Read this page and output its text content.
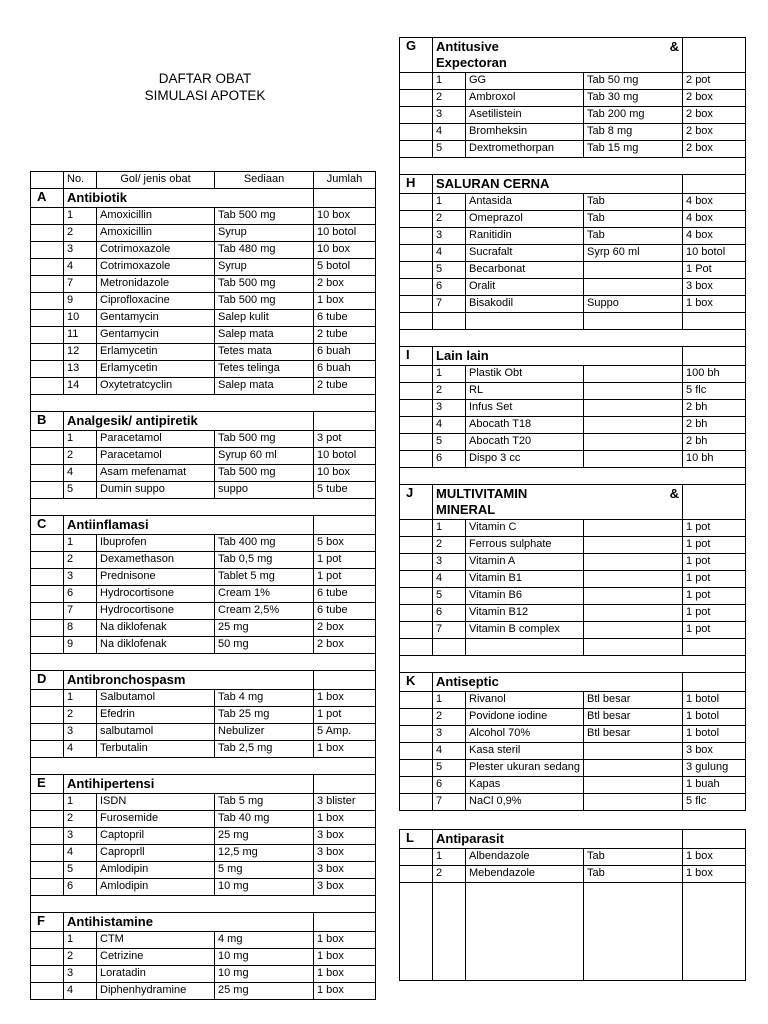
DAFTAR OBAT
SIMULASI APOTEK
	No.	Gol/ jenis obat	Sediaan	Jumlah
A	Antibiotik			
	1	Amoxicillin	Tab 500 mg	10 box
	2	Amoxicillin	Syrup	10 botol
	3	Cotrimoxazole	Tab 480 mg	10 box
	4	Cotrimoxazole	Syrup	5 botol
	7	Metronidazole	Tab 500 mg	2 box
	9	Ciprofloxacine	Tab 500 mg	1 box
	10	Gentamycin	Salep kulit	6 tube
	11	Gentamycin	Salep mata	2 tube
	12	Erlamycetin	Tetes mata	6 buah
	13	Erlamycetin	Tetes telinga	6 buah
	14	Oxytetratcyclin	Salep mata	2 tube

B	Analgesik/ antipiretik			
	1	Paracetamol	Tab 500 mg	3 pot
	2	Paracetamol	Syrup 60 ml	10 botol
	4	Asam mefenamat	Tab 500 mg	10 box
	5	Dumin suppo	suppo	5 tube

C	Antiinflamasi			
	1	Ibuprofen	Tab 400 mg	5 box
	2	Dexamethason	Tab 0,5 mg	1 pot
	3	Prednisone	Tablet 5 mg	1 pot
	6	Hydrocortisone	Cream 1%	6 tube
	7	Hydrocortisone	Cream 2,5%	6 tube
	8	Na diklofenak	25 mg	2 box
	9	Na diklofenak	50 mg	2 box

D	Antibronchospasm			
	1	Salbutamol	Tab 4 mg	1 box
	2	Efedrin	Tab 25 mg	1 pot
	3	salbutamol	Nebulizer	5 Amp.
	4	Terbutalin	Tab 2,5 mg	1 box

E	Antihipertensi			
	1	ISDN	Tab 5 mg	3 blister
	2	Furosemide	Tab 40 mg	1 box
	3	Captopril	25 mg	3 box
	4	Caproprll	12,5 mg	3 box
	5	Amlodipin	5 mg	3 box
	6	Amlodipin	10 mg	3 box

F	Antihistamine			
	1	CTM	4 mg	1 box
	2	Cetrizine	10 mg	1 box
	3	Loratadin	10 mg	1 box
	4	Diphenhydramine	25 mg	1 box
G	Antitusive &
Expectoran			

	1	GG	Tab 50 mg	2 pot
	2	Ambroxol	Tab 30 mg	2 box
	3	Asetilistein	Tab 200 mg	2 box
	4	Bromheksin	Tab 8 mg	2 box
	5	Dextromethorpan	Tab 15 mg	2 box

H	SALURAN CERNA			
	1	Antasida	Tab	4 box
	2	Omeprazol	Tab	4 box
	3	Ranitidin	Tab	4 box
	4	Sucrafalt	Syrp 60 ml	10 botol
	5	Becarbonat		1 Pot
	6	Oralit		3 box
	7	Bisakodil	Suppo	1 box

I	Lain lain			
	1	Plastik Obt		100 bh
	2	RL		5 flc
	3	Infus Set		2 bh
	4	Abocath T18		2 bh
	5	Abocath T20		2 bh
	6	Dispo 3 cc		10 bh

J	MULTIVITAMIN &
MINERAL			

	1	Vitamin C		1 pot
	2	Ferrous sulphate		1 pot
	3	Vitamin A		1 pot
	4	Vitamin B1		1 pot
	5	Vitamin B6		1 pot
	6	Vitamin B12		1 pot
	7	Vitamin B complex		1 pot

K	Antiseptic			
	1	Rivanol	Btl besar	1 botol
	2	Povidone iodine	Btl besar	1 botol
	3	Alcohol 70%	Btl besar	1 botol
	4	Kasa steril		3 box
	5	Plester ukuran sedang		3 gulung
	6	Kapas		1 buah
	7	NaCl 0,9%		5 flc
L	Antiparasit			
	1	Albendazole	Tab	1 box
	2	Mebendazole	Tab	1 box
